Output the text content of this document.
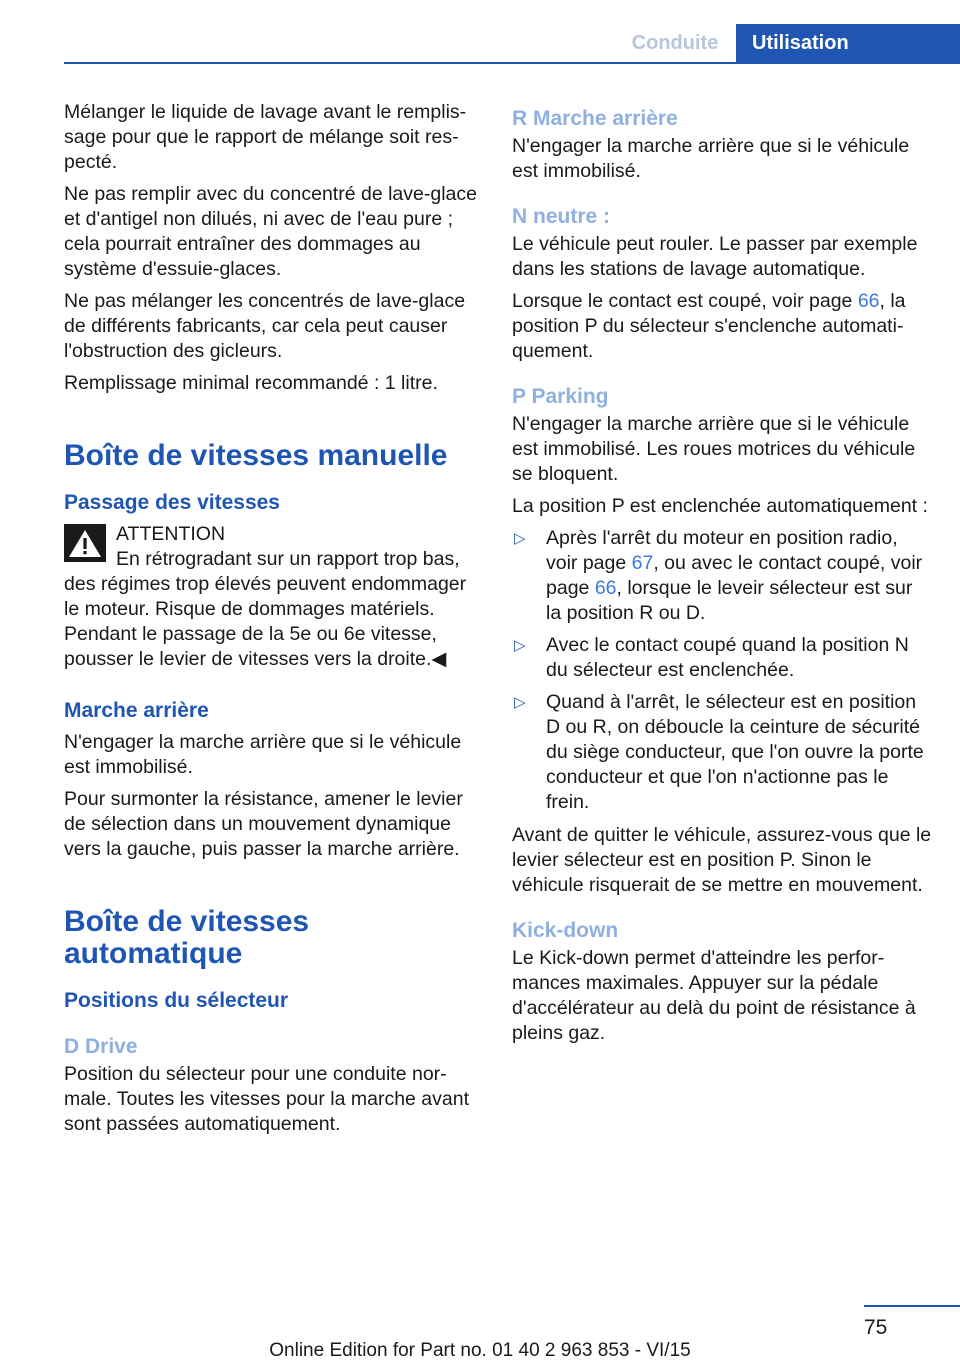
Conduite	Utilisation

Mélanger le liquide de lavage avant le remplissage pour que le rapport de mélange soit respecté.

Ne pas remplir avec du concentré de lave-glace et d'antigel non dilués, ni avec de l'eau pure ; cela pourrait entraîner des dommages au système d'essuie-glaces.

Ne pas mélanger les concentrés de lave-glace de différents fabricants, car cela peut causer l'obstruction des gicleurs.

Remplissage minimal recommandé : 1 litre.

Boîte de vitesses manuelle
Passage des vitesses
ATTENTION

En rétrogradant sur un rapport trop bas, des régimes trop élevés peuvent endommager le moteur. Risque de dommages matériels. Pendant le passage de la 5e ou 6e vitesse, pousser le levier de vitesses vers la droite.◀

Marche arrière

N'engager la marche arrière que si le véhicule est immobilisé.

Pour surmonter la résistance, amener le levier de sélection dans un mouvement dynamique vers la gauche, puis passer la marche arrière.

Boîte de vitesses automatique
Positions du sélecteur
D Drive

Position du sélecteur pour une conduite normale. Toutes les vitesses pour la marche avant sont passées automatiquement.

R Marche arrière

N'engager la marche arrière que si le véhicule est immobilisé.

N neutre :

Le véhicule peut rouler. Le passer par exemple dans les stations de lavage automatique.

Lorsque le contact est coupé, voir page 66, la position P du sélecteur s'enclenche automatiquement.

P Parking

N'engager la marche arrière que si le véhicule est immobilisé. Les roues motrices du véhicule se bloquent.

La position P est enclenchée automatiquement :

▷ Après l'arrêt du moteur en position radio, voir page 67, ou avec le contact coupé, voir page 66, lorsque le leveir sélecteur est sur la position R ou D.
▷ Avec le contact coupé quand la position N du sélecteur est enclenchée.
▷ Quand à l'arrêt, le sélecteur est en position D ou R, on déboucle la ceinture de sécurité du siège conducteur, que l'on ouvre la porte conducteur et que l'on n'actionne pas le frein.

Avant de quitter le véhicule, assurez-vous que le levier sélecteur est en position P. Sinon le véhicule risquerait de se mettre en mouvement.

Kick-down

Le Kick-down permet d'atteindre les performances maximales. Appuyer sur la pédale d'accélérateur au delà du point de résistance à pleins gaz.

75
Online Edition for Part no. 01 40 2 963 853 - VI/15
